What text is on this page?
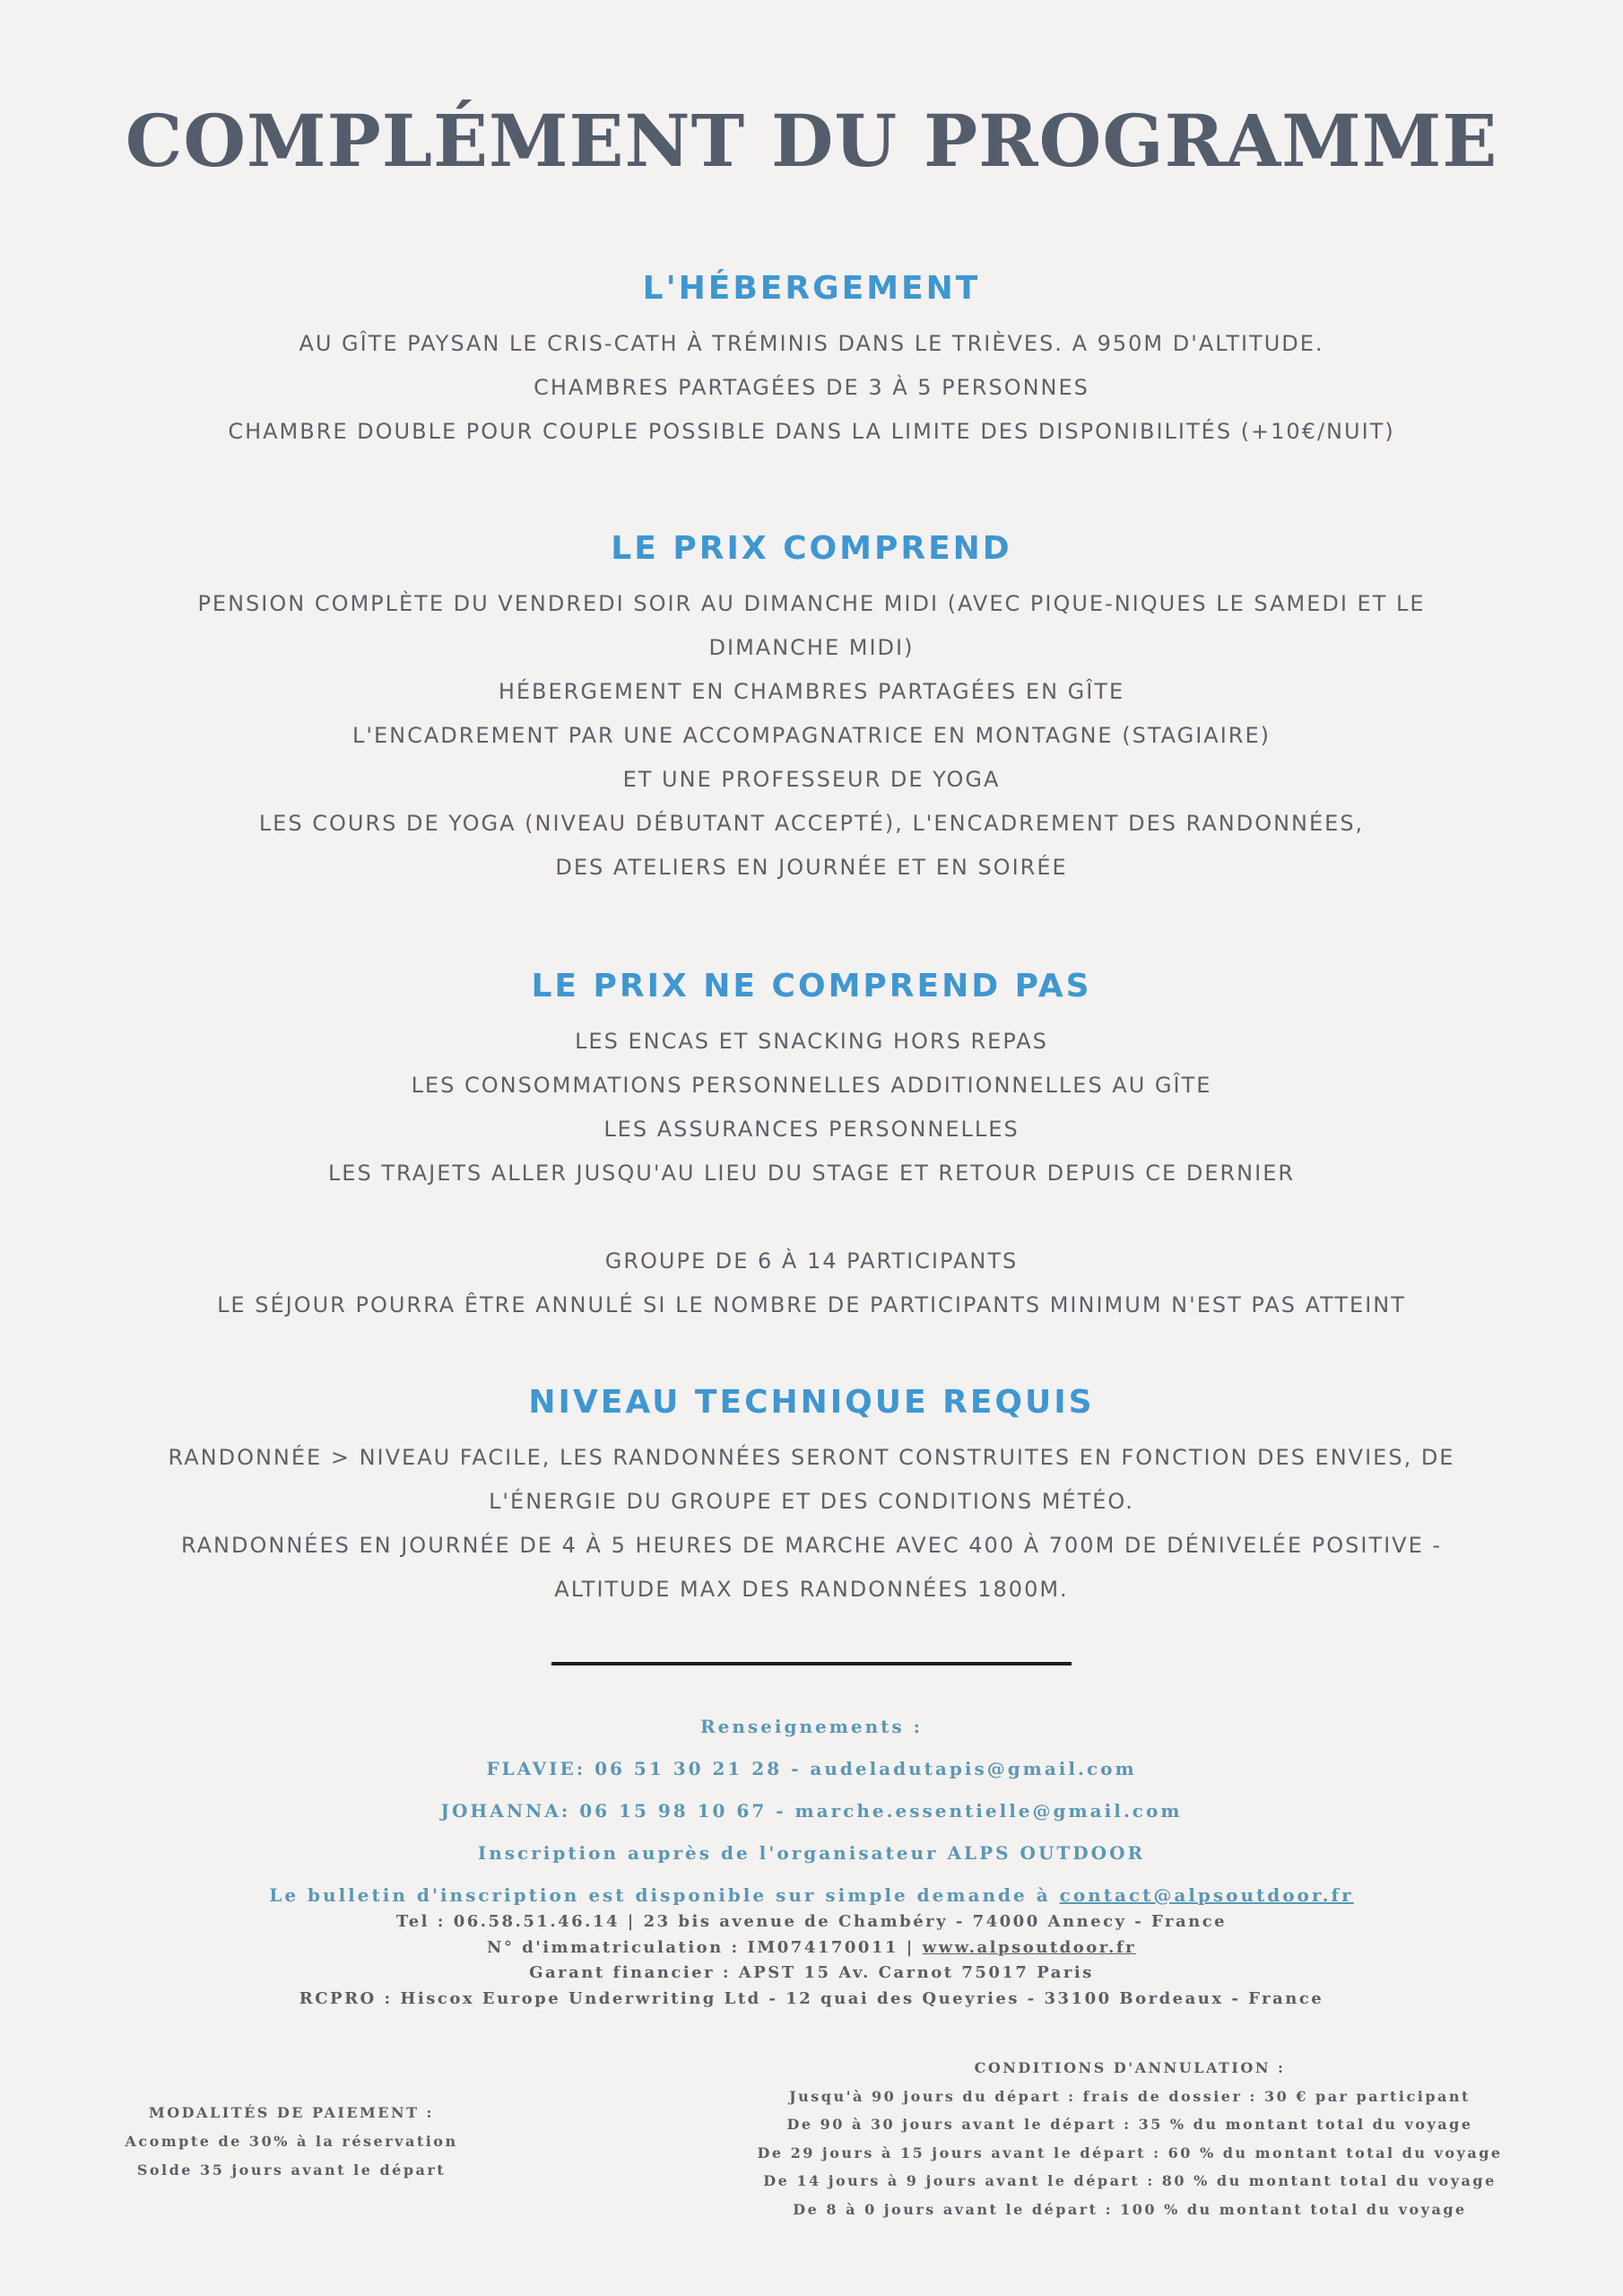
COMPLÉMENT DU PROGRAMME
L'HÉBERGEMENT
AU GÎTE PAYSAN LE CRIS-CATH À TRÉMINIS DANS LE TRIÈVES. A 950M D'ALTITUDE.
CHAMBRES PARTAGÉES DE 3 À 5 PERSONNES
CHAMBRE DOUBLE POUR COUPLE POSSIBLE DANS LA LIMITE DES DISPONIBILITÉS (+10€/NUIT)
LE PRIX COMPREND
PENSION COMPLÈTE DU VENDREDI SOIR AU DIMANCHE MIDI (AVEC PIQUE-NIQUES LE SAMEDI ET LE
DIMANCHE MIDI)
HÉBERGEMENT EN CHAMBRES PARTAGÉES EN GÎTE
L'ENCADREMENT PAR UNE ACCOMPAGNATRICE EN MONTAGNE (STAGIAIRE)
ET UNE PROFESSEUR DE YOGA
LES COURS DE YOGA (NIVEAU DÉBUTANT ACCEPTÉ), L'ENCADREMENT DES RANDONNÉES,
DES ATELIERS EN JOURNÉE ET EN SOIRÉE
LE PRIX NE COMPREND PAS
LES ENCAS ET SNACKING HORS REPAS
LES CONSOMMATIONS PERSONNELLES ADDITIONNELLES AU GÎTE
LES ASSURANCES PERSONNELLES
LES TRAJETS ALLER JUSQU'AU LIEU DU STAGE ET RETOUR DEPUIS CE DERNIER
GROUPE DE 6 À 14 PARTICIPANTS
LE SÉJOUR POURRA ÊTRE ANNULÉ SI LE NOMBRE DE PARTICIPANTS MINIMUM N'EST PAS ATTEINT
NIVEAU TECHNIQUE REQUIS
RANDONNÉE > NIVEAU FACILE, LES RANDONNÉES SERONT CONSTRUITES EN FONCTION DES ENVIES, DE
L'ÉNERGIE DU GROUPE ET DES CONDITIONS MÉTÉO.
RANDONNÉES EN JOURNÉE DE 4 À 5 HEURES DE MARCHE AVEC 400 À 700M DE DÉNIVELÉE POSITIVE -
ALTITUDE MAX DES RANDONNÉES 1800M.
Renseignements :
FLAVIE: 06 51 30 21 28 - audeladutapis@gmail.com
JOHANNA: 06 15 98 10 67 - marche.essentielle@gmail.com
Inscription auprès de l'organisateur ALPS OUTDOOR
Le bulletin d'inscription est disponible sur simple demande à contact@alpsoutdoor.fr
Tel : 06.58.51.46.14 | 23 bis avenue de Chambéry - 74000 Annecy - France
N° d'immatriculation : IM074170011 | www.alpsoutdoor.fr
Garant financier : APST 15 Av. Carnot 75017 Paris
RCPRO : Hiscox Europe Underwriting Ltd - 12 quai des Queyries - 33100 Bordeaux - France
MODALITÉS DE PAIEMENT :
Acompte de 30% à la réservation
Solde 35 jours avant le départ
CONDITIONS D'ANNULATION :
Jusqu'à 90 jours du départ : frais de dossier : 30 € par participant
De 90 à 30 jours avant le départ : 35 % du montant total du voyage
De 29 jours à 15 jours avant le départ : 60 % du montant total du voyage
De 14 jours à 9 jours avant le départ : 80 % du montant total du voyage
De 8 à 0 jours avant le départ : 100 % du montant total du voyage
